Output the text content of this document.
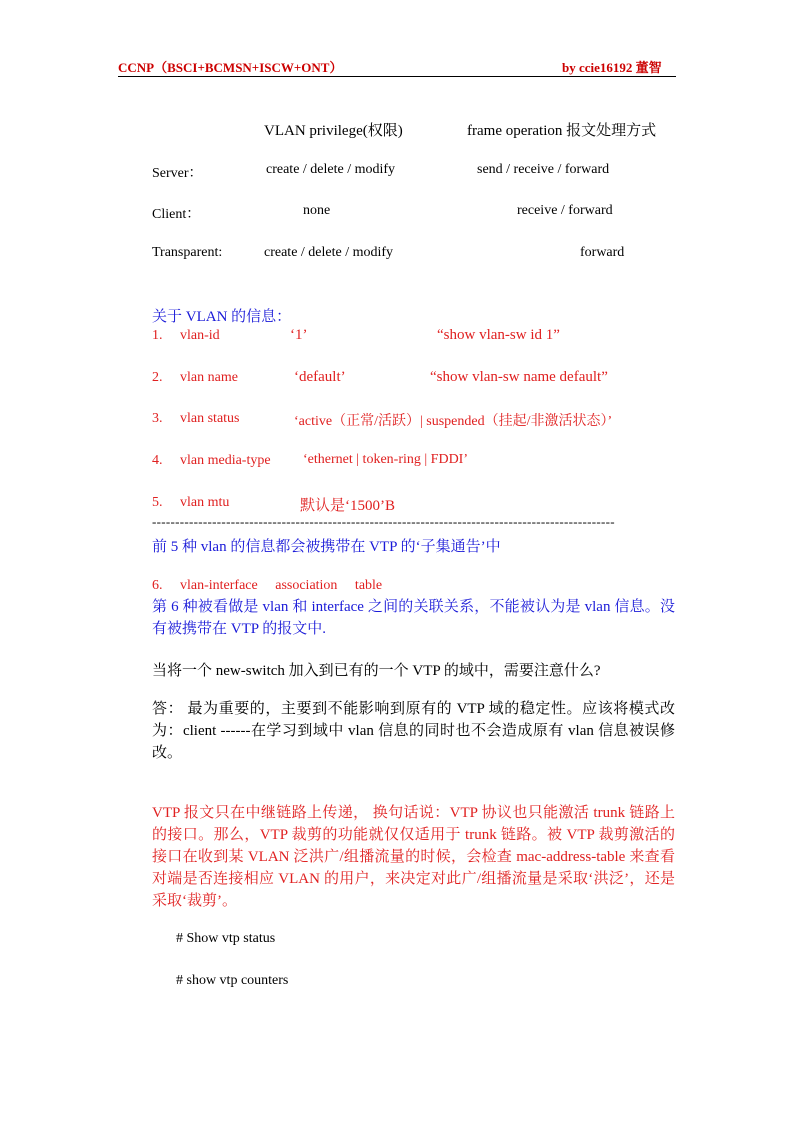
CCNP（BSCI+BCMSN+ISCW+ONT）	by ccie16192 董智
VLAN privilege(权限)	frame operation 报文处理方式
Server：	create / delete / modify	send / receive / forward
Client：	none	receive / forward
Transparent:	create / delete / modify	forward
关于 VLAN 的信息：
1. vlan-id	‘1’	“show vlan-sw id 1”
2. vlan name	‘default’	“show vlan-sw name default”
3. vlan status	‘active（正常/活跃）| suspended（挂起/非激活状态）’
4. vlan media-type ‘ethernet | token-ring | FDDI’
5. vlan mtu	默认是‘1500’B
----------------------------------------------------------------------------------------------------
前 5 种 vlan 的信息都会被携带在 VTP 的‘子集通告’中
6. vlan-interface     association     table
第 6 种被看做是 vlan 和 interface 之间的关联关系，不能被认为是 vlan 信息。没有被携带在 VTP 的报文中.
当将一个 new-switch 加入到已有的一个 VTP 的域中，需要注意什么?
答： 最为重要的，主要到不能影响到原有的 VTP 域的稳定性。应该将模式改为：client ------在学习到域中 vlan 信息的同时也不会造成原有 vlan 信息被误修改。
VTP 报文只在中继链路上传递， 换句话说：VTP 协议也只能激活 trunk 链路上的接口。那么，VTP 裁剪的功能就仅仅适用于 trunk 链路。被 VTP 裁剪激活的接口在收到某 VLAN 泛洪广/组播流量的时候，会检查 mac-address-table 来查看对端是否连接相应 VLAN 的用户，来决定对此广/组播流量是采取‘洪泛’，还是采取‘裁剪’。
# Show vtp status
# show vtp counters
